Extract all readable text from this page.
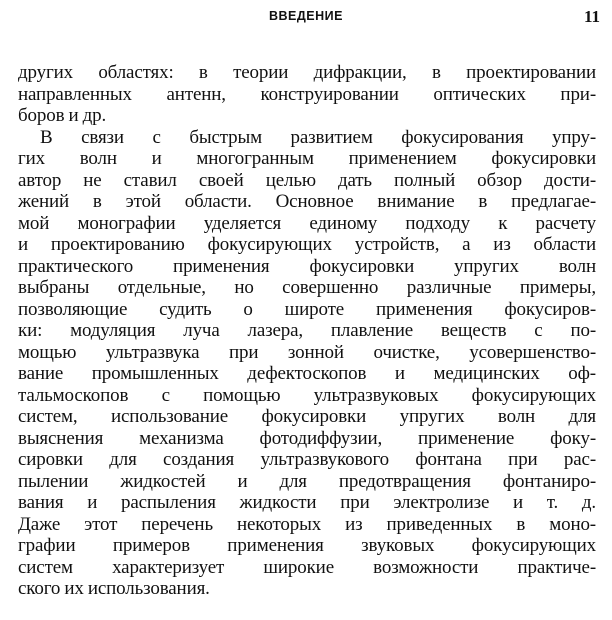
ВВЕДЕНИЕ	11
других областях: в теории дифракции, в проектировании
направленных антенн, конструировании оптических при-
боров и др.
В связи с быстрым развитием фокусирования упру-
гих волн и многогранным применением фокусировки
автор не ставил своей целью дать полный обзор дости-
жений в этой области. Основное внимание в предлагае-
мой монографии уделяется единому подходу к расчету
и проектированию фокусирующих устройств, а из области
практического применения фокусировки упругих волн
выбраны отдельные, но совершенно различные примеры,
позволяющие судить о широте применения фокусиров-
ки: модуляция луча лазера, плавление веществ с по-
мощью ультразвука при зонной очистке, усовершенство-
вание промышленных дефектоскопов и медицинских оф-
тальмоскопов с помощью ультразвуковых фокусирующих
систем, использование фокусировки упругих волн для
выяснения механизма фотодиффузии, применение фоку-
сировки для создания ультразвукового фонтана при рас-
пылении жидкостей и для предотвращения фонтаниро-
вания и распыления жидкости при электролизе и т. д.
Даже этот перечень некоторых из приведенных в моно-
графии примеров применения звуковых фокусирующих
систем характеризует широкие возможности практиче-
ского их использования.
